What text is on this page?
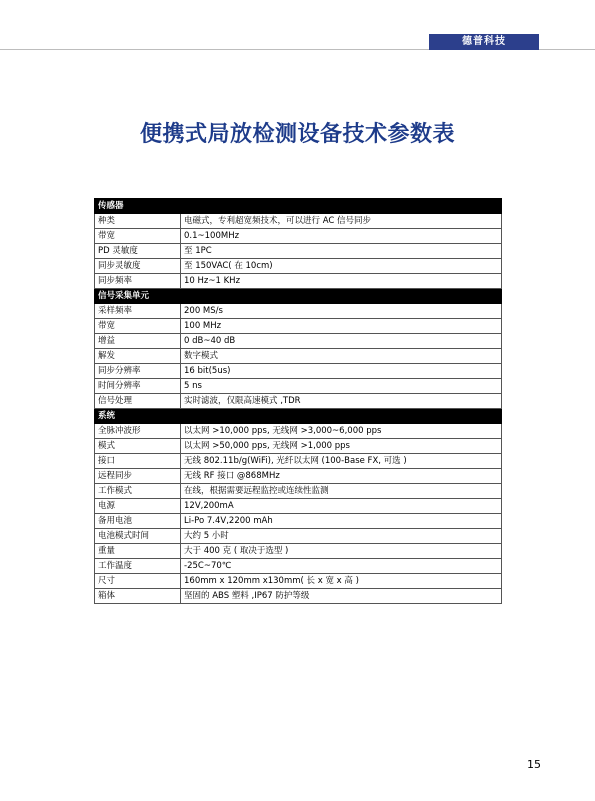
德普科技
便携式局放检测设备技术参数表
传感器	
种类	电磁式，专利超宽频技术，可以进行 AC 信号同步
带宽	0.1~100MHz
PD 灵敏度	至 1PC
同步灵敏度	至 150VAC( 在 10cm)
同步频率	10 Hz~1 KHz
信号采集单元	
采样频率	200 MS/s
带宽	100 MHz
增益	0 dB~40 dB
解发	数字模式
同步分辨率	16 bit(5us)
时间分辨率	5 ns
信号处理	实时滤波，仅限高速模式 ,TDR
系统	
全脉冲波形	以太网 >10,000 pps, 无线网 >3,000~6,000 pps
模式	以太网 >50,000 pps, 无线网 >1,000 pps
接口	无线 802.11b/g(WiFi), 光纤以太网 (100-Base FX, 可选 )
远程同步	无线 RF 接口 @868MHz
工作模式	在线，根据需要远程监控或连续性监测
电源	12V,200mA
备用电池	Li-Po 7.4V,2200 mAh
电池模式时间	大约 5 小时
重量	大于 400 克 ( 取决于选型 )
工作温度	-25C~70℃
尺寸	160mm x 120mm x130mm( 长 x 宽 x 高 )
箱体	坚固的 ABS 塑料 ,IP67 防护等级
15
